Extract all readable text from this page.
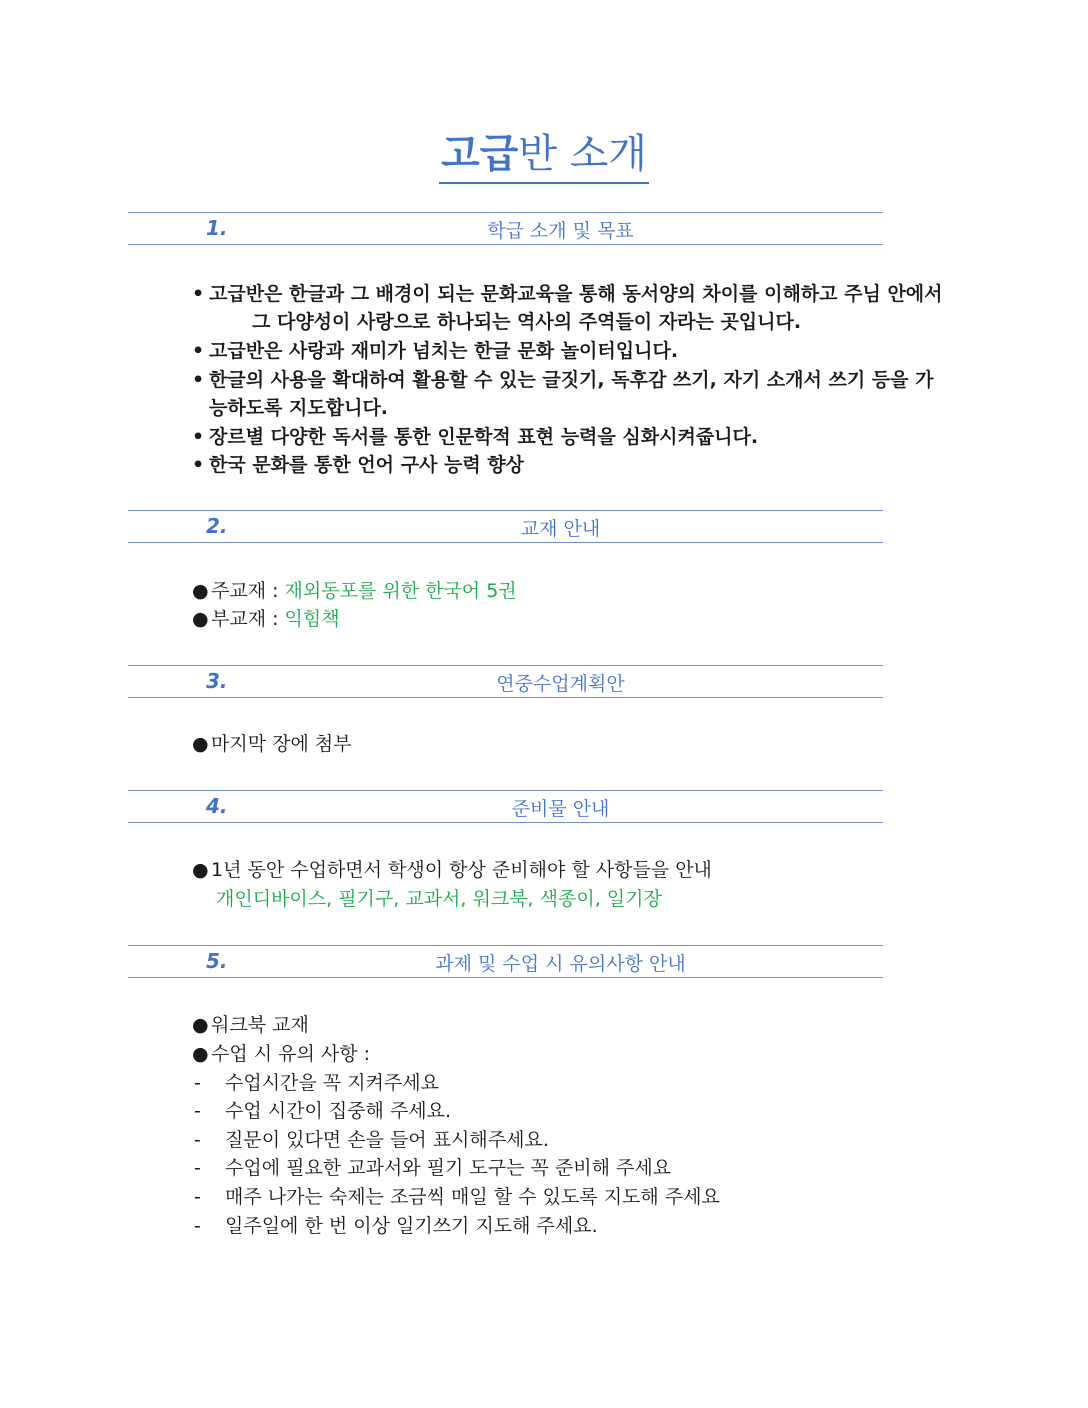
고급반 소개
1.	학급 소개 및 목표
• 고급반은 한글과 그 배경이 되는 문화교육을 통해 동서양의 차이를 이해하고 주님 안에서
그 다양성이 사랑으로 하나되는 역사의 주역들이 자라는 곳입니다.
• 고급반은 사랑과 재미가 넘치는 한글 문화 놀이터입니다.
• 한글의 사용을 확대하여 활용할 수 있는 글짓기, 독후감 쓰기, 자기 소개서 쓰기 등을 가
능하도록 지도합니다.
• 장르별 다양한 독서를 통한 인문학적 표현 능력을 심화시켜줍니다.
• 한국 문화를 통한 언어 구사 능력 향상
2.	교재 안내
● 주교재 : 재외동포를 위한 한국어 5권
● 부교재 : 익힘책
3.	연중수업계획안
● 마지막 장에 첨부
4.	준비물 안내
● 1년 동안 수업하면서 학생이 항상 준비해야 할 사항들을 안내
개인디바이스, 필기구, 교과서, 워크북, 색종이, 일기장
5.	과제 및 수업 시 유의사항 안내
● 워크북 교재
● 수업 시 유의 사항 :
- 수업시간을 꼭 지켜주세요
- 수업 시간이 집중해 주세요.
- 질문이 있다면 손을 들어 표시해주세요.
- 수업에 필요한 교과서와 필기 도구는 꼭 준비해 주세요
- 매주 나가는 숙제는 조금씩 매일 할 수 있도록 지도해 주세요
- 일주일에 한 번 이상 일기쓰기 지도해 주세요.
